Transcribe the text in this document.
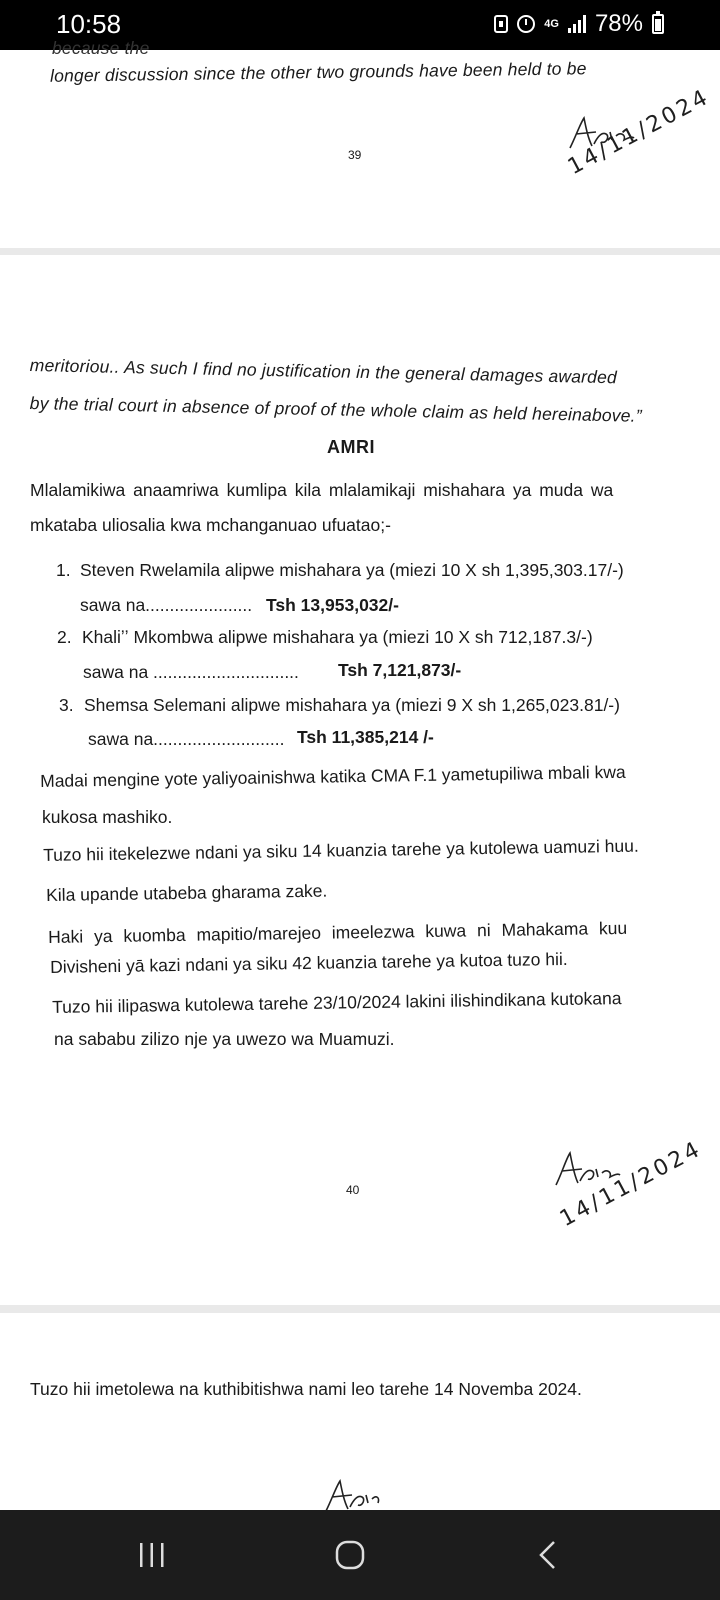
10:58	4G 78%
because the
longer discussion since the other two grounds have been held to be
39	14/11/2024
meritoriou.. As such I find no justification in the general damages awarded
by the trial court in absence of proof of the whole claim as held hereinabove.”
AMRI
Mlalamikiwa anaamriwa kumlipa kila mlalamikaji mishahara ya muda wa
mkataba uliosalia kwa mchanganuao ufuatao;-
1. Steven Rwelamila alipwe mishahara ya (miezi 10 X sh 1,395,303.17/-)
sawa na...................... Tsh 13,953,032/-
2. Khaliʼʼ Mkombwa alipwe mishahara ya (miezi 10 X sh 712,187.3/-)
sawa na .............................. Tsh 7,121,873/-
3. Shemsa Selemani alipwe mishahara ya (miezi 9 X sh 1,265,023.81/-)
sawa na........................... Tsh 11,385,214 /-
Madai mengine yote yaliyoainishwa katika CMA F.1 yametupiliwa mbali kwa
kukosa mashiko.
Tuzo hii itekelezwe ndani ya siku 14 kuanzia tarehe ya kutolewa uamuzi huu.
Kila upande utabeba gharama zake.
Haki ya kuomba mapitio/marejeo imeelezwa kuwa ni Mahakama kuu
Divisheni yā kazi ndani ya siku 42 kuanzia tarehe ya kutoa tuzo hii.
Tuzo hii ilipaswa kutolewa tarehe 23/10/2024 lakini ilishindikana kutokana
na sababu zilizo nje ya uwezo wa Muamuzi.
40	14/11/2024
Tuzo hii imetolewa na kuthibitishwa nami leo tarehe 14 Novemba 2024.
